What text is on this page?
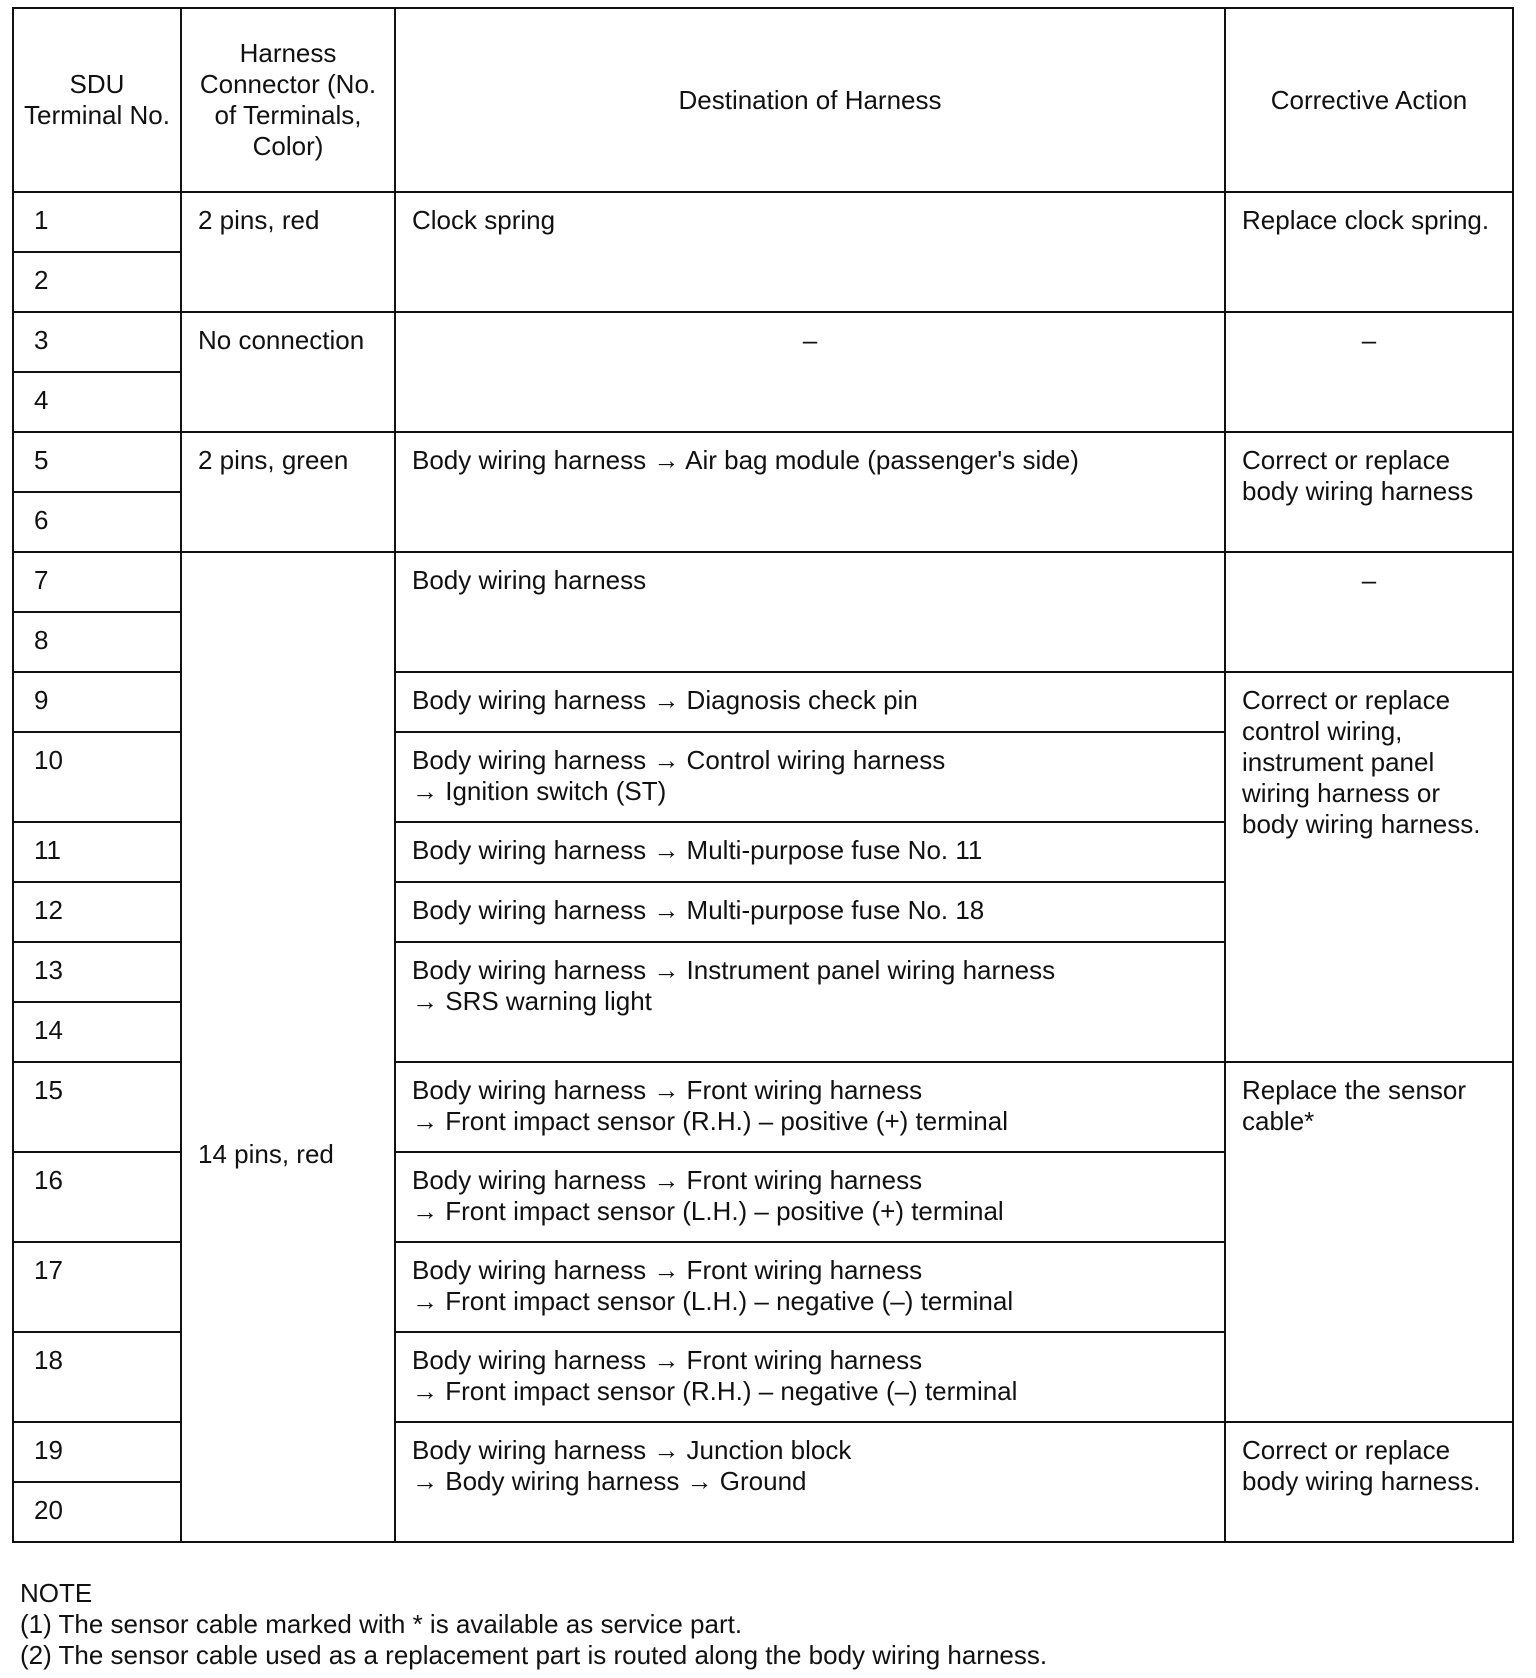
SDU Terminal No.	Harness Connector (No. of Terminals, Color)	Destination of Harness	Corrective Action
1	2 pins, red	Clock spring	Replace clock spring.
2			
3	No connection	–	–
4			
5	2 pins, green	Body wiring harness → Air bag module (passenger's side)	Correct or replace body wiring harness
6			
7	14 pins, red	Body wiring harness	–
8			
9		Body wiring harness → Diagnosis check pin	Correct or replace control wiring, instrument panel wiring harness or body wiring harness.
10		Body wiring harness → Control wiring harness
→ Ignition switch (ST)	

11		Body wiring harness → Multi-purpose fuse No. 11	
12		Body wiring harness → Multi-purpose fuse No. 18	
13		Body wiring harness → Instrument panel wiring harness
→ SRS warning light	

14			
15		Body wiring harness → Front wiring harness
→ Front impact sensor (R.H.) – positive (+) terminal	Replace the sensor cable*
16		Body wiring harness → Front wiring harness
→ Front impact sensor (L.H.) – positive (+) terminal	

17		Body wiring harness → Front wiring harness
→ Front impact sensor (L.H.) – negative (–) terminal	

18		Body wiring harness → Front wiring harness
→ Front impact sensor (R.H.) – negative (–) terminal	

19		Body wiring harness → Junction block
→ Body wiring harness → Ground	Correct or replace body wiring harness.
20			
NOTE
(1) The sensor cable marked with * is available as service part.
(2) The sensor cable used as a replacement part is routed along the body wiring harness.
